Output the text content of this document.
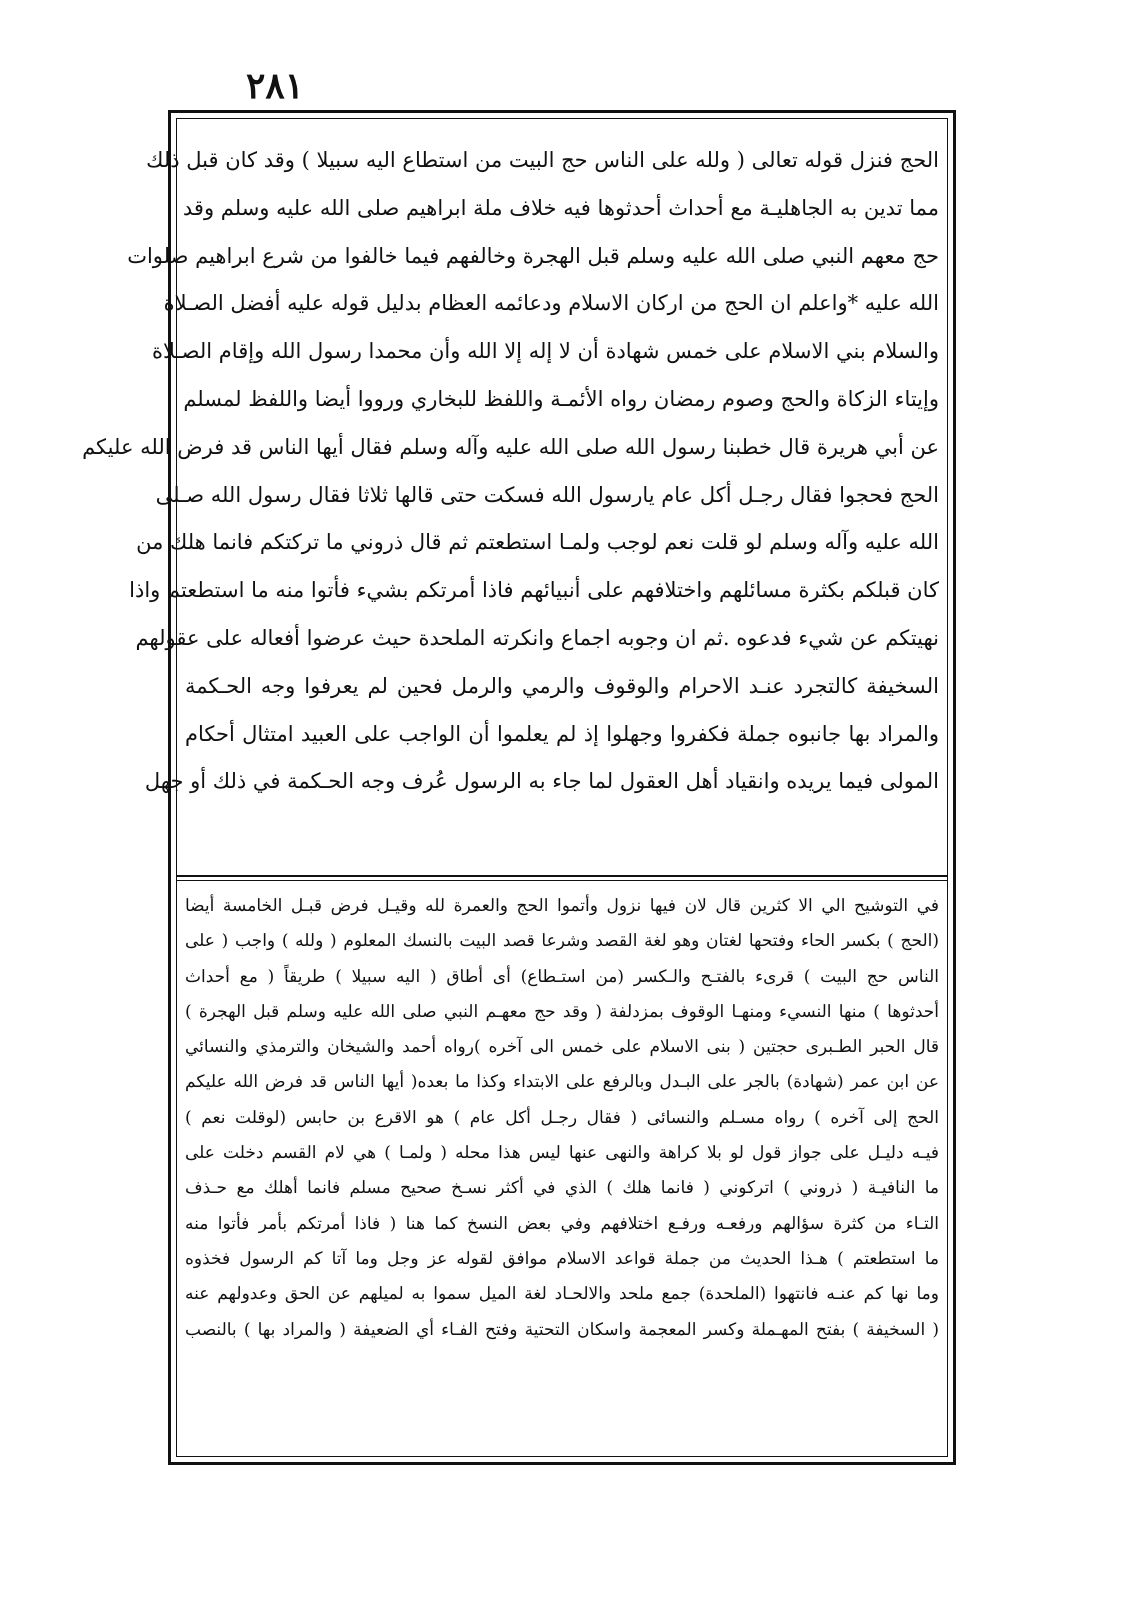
٢٨١
الحج فنزل قوله تعالى ( ولله على الناس حج البيت من استطاع اليه سبيلا ) وقد كان قبل ذلك
مما تدين به الجاهليـة مع أحداث أحدثوها فيه خلاف ملة ابراهيم صلى الله عليه وسلم وقد
حج معهم النبي صلى الله عليه وسلم قبل الهجرة وخالفهم فيما خالفوا من شرع ابراهيم صلوات
الله عليه *واعلم ان الحج من اركان الاسلام ودعائمه العظام بدليل قوله عليه أفضل الصـلاة
والسلام بني الاسلام على خمس شهادة أن لا إله إلا الله وأن محمدا رسول الله وإقام الصـلاة
وإيتاء الزكاة والحج وصوم رمضان رواه الأئمـة واللفظ للبخاري ورووا أيضا واللفظ لمسلم
عن أبي هريرة قال خطبنا رسول الله صلى الله عليه وآله وسلم فقال أيها الناس قد فرض الله عليكم
الحج فحجوا فقال رجـل أكل عام يارسول الله فسكت حتى قالها ثلاثا فقال رسول الله صـلى
الله عليه وآله وسلم لو قلت نعم لوجب ولمـا استطعتم ثم قال ذروني ما تركتكم فانما هلك من
كان قبلكم بكثرة مسائلهم واختلافهم على أنبيائهم فاذا أمرتكم بشيء فأتوا منه ما استطعتم واذا
نهيتكم عن شيء فدعوه .ثم ان وجوبه اجماع وانكرته الملحدة حيث عرضوا أفعاله على عقولهم
السخيفة كالتجرد عنـد الاحرام والوقوف والرمي والرمل فحين لم يعرفوا وجه الحـكمة
والمراد بها جانبوه جملة فكفروا وجهلوا إذ لم يعلموا أن الواجب على العبيد امتثال أحكام
المولى فيما يريده وانقياد أهل العقول لما جاء به الرسول عُرف وجه الحـكمة في ذلك أو جهل
في التوشيح الي الا كثرين قال لان فيها نزول وأتموا الحج والعمرة لله وقيـل فرض قبـل الخامسة أيضا
(الحج ) بكسر الحاء وفتحها لغتان وهو لغة القصد وشرعا قصد البيت بالنسك المعلوم ( ولله ) واجب ( على
الناس حج البيت ) قرىء بالفتـح والـكسر (من استـطاع) أى أطاق ( اليه سبيلا ) طريقاً ( مع أحداث
أحدثوها ) منها النسيء ومنهـا الوقوف بمزدلفة ( وقد حج معهـم النبي صلى الله عليه وسلم قبل الهجرة )
قال الحبر الطـبرى حجتين ( بنى الاسلام على خمس الى آخره )رواه أحمد والشيخان والترمذي والنسائي
عن ابن عمر (شهادة) بالجر على البـدل وبالرفع على الابتداء وكذا ما بعده( أيها الناس قد فرض الله عليكم
الحج إلى آخره ) رواه مسـلم والنسائى ( فقال رجـل أكل عام ) هو الاقرع بن حابس (لوقلت نعم )
فيـه دليـل على جواز قول لو بلا كراهة والنهى عنها ليس هذا محله ( ولمـا ) هي لام القسم دخلت على
ما النافيـة ( ذروني ) اتركوني ( فانما هلك ) الذي في أكثر نسـخ صحيح مسلم فانما أهلك مع حـذف
التـاء من كثرة سؤالهم ورفعـه ورفـع اختلافهم وفي بعض النسخ كما هنا ( فاذا أمرتكم بأمر فأتوا منه
ما استطعتم ) هـذا الحديث من جملة قواعد الاسلام موافق لقوله عز وجل وما آتا كم الرسول فخذوه
وما نها كم عنـه فانتهوا (الملحدة) جمع ملحد والالحـاد لغة الميل سموا به لميلهم عن الحق وعدولهم عنه
( السخيفة ) بفتح المهـملة وكسر المعجمة واسكان التحتية وفتح الفـاء أي الضعيفة ( والمراد بها ) بالنصب
